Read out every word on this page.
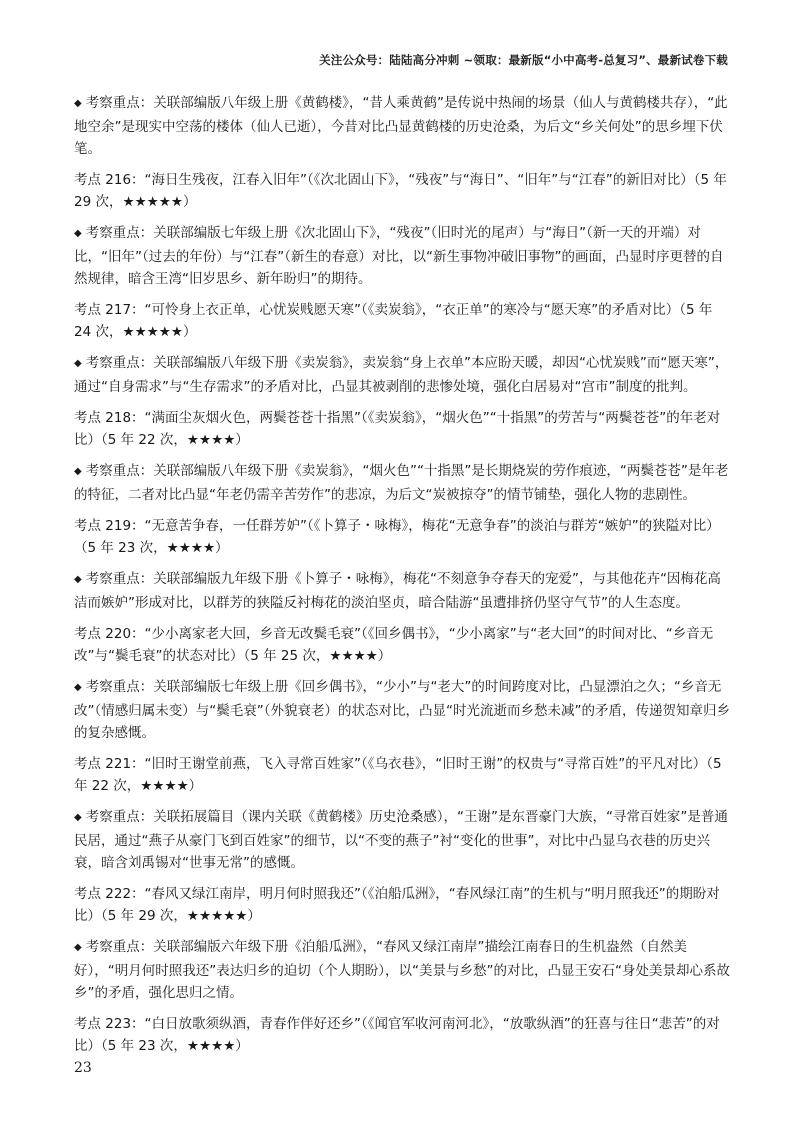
关注公众号：陆陆高分冲刺 ~领取：最新版“小中高考-总复习”、最新试卷下载
◆ 考察重点：关联部编版八年级上册《黄鹤楼》，“昔人乘黄鹤”是传说中热闹的场景（仙人与黄鹤楼共存），“此地空余”是现实中空荡的楼体（仙人已逝），今昔对比凸显黄鹤楼的历史沧桑，为后文“乡关何处”的思乡埋下伏笔。
考点 216：“海日生残夜，江春入旧年”（《次北固山下》，“残夜”与“海日”、“旧年”与“江春”的新旧对比）（5 年 29 次，★★★★★）
◆ 考察重点：关联部编版七年级上册《次北固山下》，“残夜”（旧时光的尾声）与“海日”（新一天的开端）对比，“旧年”（过去的年份）与“江春”（新生的春意）对比，以“新生事物冲破旧事物”的画面，凸显时序更替的自然规律，暗含王湾“旧岁思乡、新年盼归”的期待。
考点 217：“可怜身上衣正单，心忧炭贱愿天寒”（《卖炭翁》，“衣正单”的寒冷与“愿天寒”的矛盾对比）（5 年 24 次，★★★★★）
◆ 考察重点：关联部编版八年级下册《卖炭翁》，卖炭翁“身上衣单”本应盼天暖，却因“心忧炭贱”而“愿天寒”，通过“自身需求”与“生存需求”的矛盾对比，凸显其被剥削的悲惨处境，强化白居易对“宫市”制度的批判。
考点 218：“满面尘灰烟火色，两鬓苍苍十指黑”（《卖炭翁》，“烟火色”“十指黑”的劳苦与“两鬓苍苍”的年老对比）（5 年 22 次，★★★★）
◆ 考察重点：关联部编版八年级下册《卖炭翁》，“烟火色”“十指黑”是长期烧炭的劳作痕迹，“两鬓苍苍”是年老的特征，二者对比凸显“年老仍需辛苦劳作”的悲凉，为后文“炭被掠夺”的情节铺垫，强化人物的悲剧性。
考点 219：“无意苦争春，一任群芳妒”（《卜算子・咏梅》，梅花“无意争春”的淡泊与群芳“嫉妒”的狭隘对比）（5 年 23 次，★★★★）
◆ 考察重点：关联部编版九年级下册《卜算子・咏梅》，梅花“不刻意争夺春天的宠爱”，与其他花卉“因梅花高洁而嫉妒”形成对比，以群芳的狭隘反衬梅花的淡泊坚贞，暗合陆游“虽遭排挤仍坚守气节”的人生态度。
考点 220：“少小离家老大回，乡音无改鬓毛衰”（《回乡偶书》，“少小离家”与“老大回”的时间对比、“乡音无改”与“鬓毛衰”的状态对比）（5 年 25 次，★★★★）
◆ 考察重点：关联部编版七年级上册《回乡偶书》，“少小”与“老大”的时间跨度对比，凸显漂泊之久；“乡音无改”（情感归属未变）与“鬓毛衰”（外貌衰老）的状态对比，凸显“时光流逝而乡愁未减”的矛盾，传递贺知章归乡的复杂感慨。
考点 221：“旧时王谢堂前燕，飞入寻常百姓家”（《乌衣巷》，“旧时王谢”的权贵与“寻常百姓”的平凡对比）（5 年 22 次，★★★★）
◆ 考察重点：关联拓展篇目（课内关联《黄鹤楼》历史沧桑感），“王谢”是东晋豪门大族，“寻常百姓家”是普通民居，通过“燕子从豪门飞到百姓家”的细节，以“不变的燕子”衬“变化的世事”，对比中凸显乌衣巷的历史兴衰，暗含刘禹锡对“世事无常”的感慨。
考点 222：“春风又绿江南岸，明月何时照我还”（《泊船瓜洲》，“春风绿江南”的生机与“明月照我还”的期盼对比）（5 年 29 次，★★★★★）
◆ 考察重点：关联部编版六年级下册《泊船瓜洲》，“春风又绿江南岸”描绘江南春日的生机盎然（自然美好），“明月何时照我还”表达归乡的迫切（个人期盼），以“美景与乡愁”的对比，凸显王安石“身处美景却心系故乡”的矛盾，强化思归之情。
考点 223：“白日放歌须纵酒，青春作伴好还乡”（《闻官军收河南河北》，“放歌纵酒”的狂喜与往日“悲苦”的对比）（5 年 23 次，★★★★）
23
